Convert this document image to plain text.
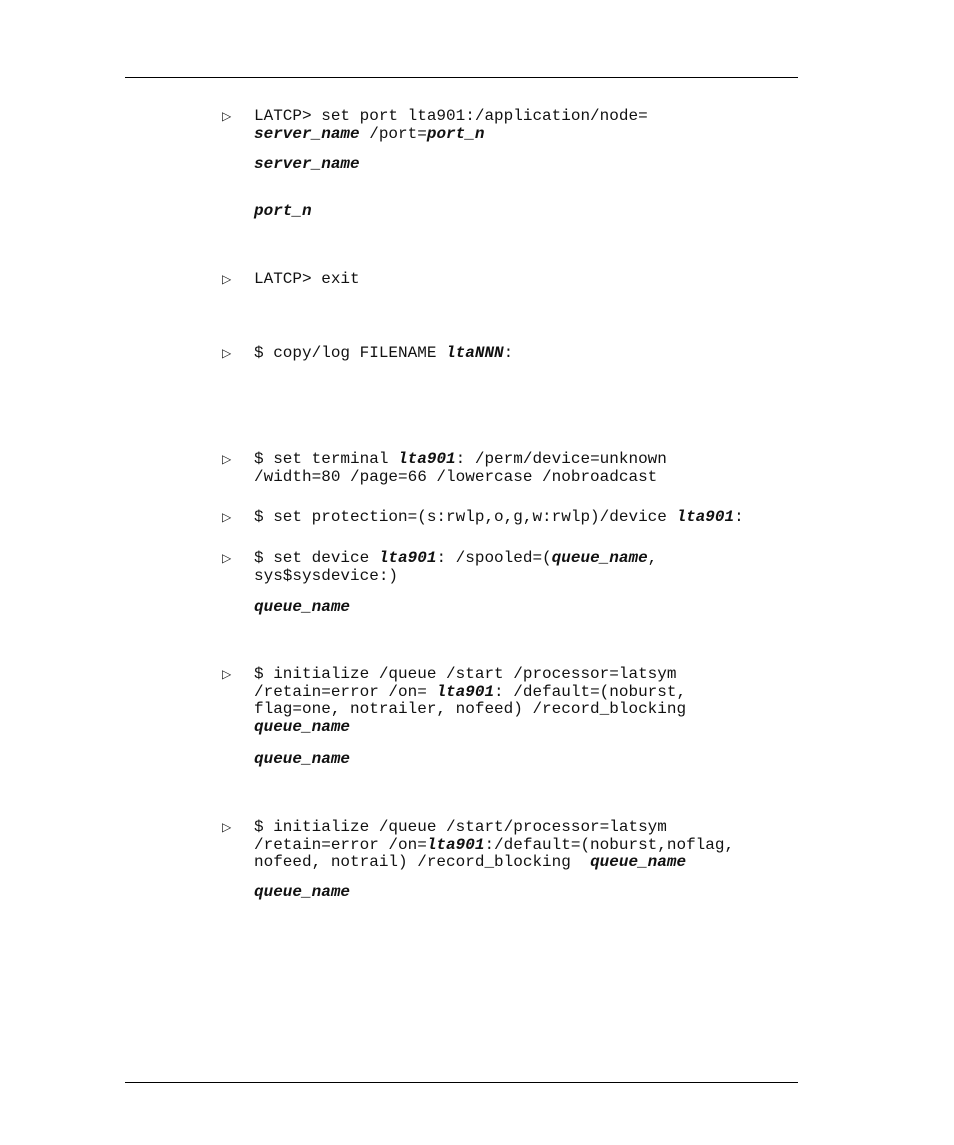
▷ LATCP> set port lta901:/application/node=
server_name /port=port_n
server_name
port_n
▷ LATCP> exit
▷ $ copy/log FILENAME ltaNNN:
▷ $ set terminal lta901: /perm/device=unknown
/width=80 /page=66 /lowercase /nobroadcast
▷ $ set protection=(s:rwlp,o,g,w:rwlp)/device lta901:
▷ $ set device lta901: /spooled=(queue_name,
sys$sysdevice:)
queue_name
▷ $ initialize /queue /start /processor=latsym
/retain=error /on= lta901: /default=(noburst,
flag=one, notrailer, nofeed) /record_blocking
queue_name
queue_name
▷ $ initialize /queue /start/processor=latsym
/retain=error /on=lta901:/default=(noburst,noflag,
nofeed, notrail) /record_blocking  queue_name
queue_name
